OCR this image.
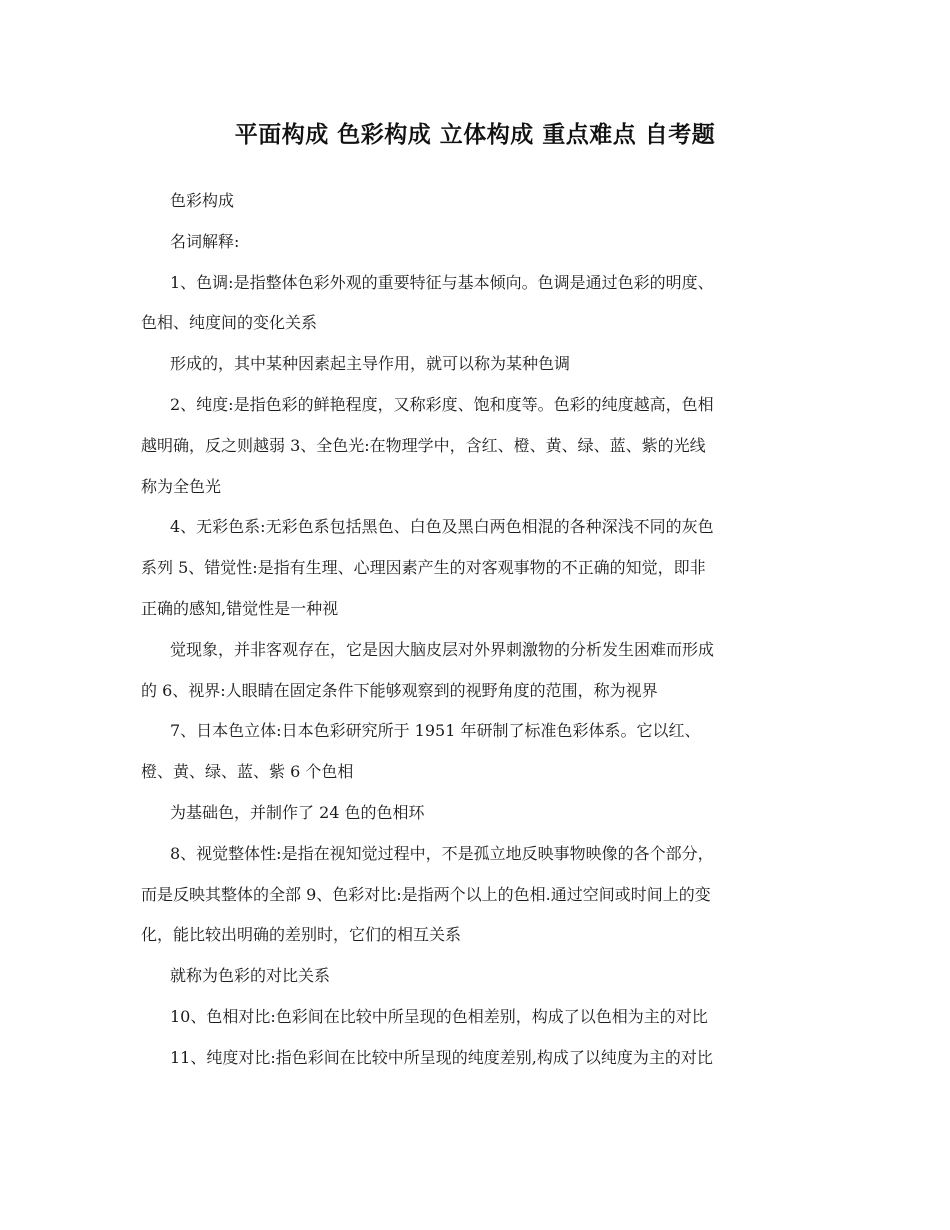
平面构成 色彩构成 立体构成 重点难点 自考题
色彩构成
名词解释:
1、色调:是指整体色彩外观的重要特征与基本倾向。色调是通过色彩的明度、
色相、纯度间的变化关系
形成的，其中某种因素起主导作用，就可以称为某种色调
2、纯度:是指色彩的鲜艳程度，又称彩度、饱和度等。色彩的纯度越高，色相
越明确，反之则越弱 3、全色光:在物理学中，含红、橙、黄、绿、蓝、紫的光线
称为全色光
4、无彩色系:无彩色系包括黑色、白色及黑白两色相混的各种深浅不同的灰色
系列 5、错觉性:是指有生理、心理因素产生的对客观事物的不正确的知觉，即非
正确的感知,错觉性是一种视
觉现象，并非客观存在，它是因大脑皮层对外界刺激物的分析发生困难而形成
的 6、视界:人眼睛在固定条件下能够观察到的视野角度的范围，称为视界
7、日本色立体:日本色彩研究所于 1951 年研制了标准色彩体系。它以红、
橙、黄、绿、蓝、紫 6 个色相
为基础色，并制作了 24 色的色相环
8、视觉整体性:是指在视知觉过程中，不是孤立地反映事物映像的各个部分，
而是反映其整体的全部 9、色彩对比:是指两个以上的色相.通过空间或时间上的变
化，能比较出明确的差别时，它们的相互关系
就称为色彩的对比关系
10、色相对比:色彩间在比较中所呈现的色相差别，构成了以色相为主的对比
11、纯度对比:指色彩间在比较中所呈现的纯度差别,构成了以纯度为主的对比
